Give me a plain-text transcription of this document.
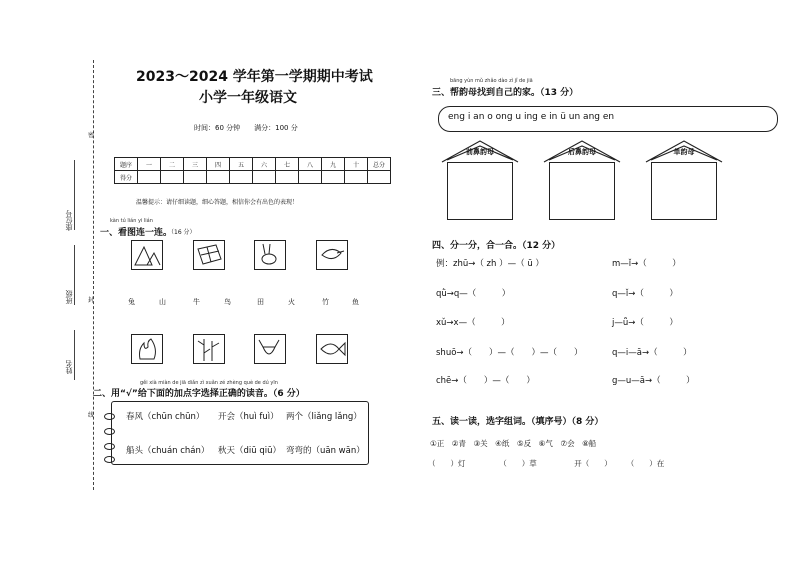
座位号
班级
姓名
密
封
线
2023～2024 学年第一学期期中考试
小学一年级语文
时间：60 分钟　　满分：100 分
题序	一	二	三	四	五	六	七	八	九	十	总分
得分											
温馨提示：请仔细读题，细心答题，相信你会有出色的表现！
kàn tú lián yi lián
一、看图连一连。
（16 分）
兔	山	牛	鸟	田	火	竹	鱼
gěi xià miàn de jiā diǎn zì xuǎn zé zhèng què de dú yīn
二、用“√”给下面的加点字选择正确的读音。（6 分）
春风（chūn chūn） 开会（huì fuì） 两个（liǎng lǎng）
船头（chuán chán） 秋天（diū qiū） 弯弯的（uān wān）
bāng yùn mǔ zhǎo dào zì jǐ de jiā
三、帮韵母找到自己的家。（13 分）
eng i an o ong u ing e in ü un ang en
前鼻韵母	后鼻韵母	单韵母
四、分一分，合一合。（12 分）
例：zhū→（ zh ）—（ ū ）
qǜ→q—（　　　）
xǔ→x—（　　　）
shuō→（　　）—（　　）—（　　）
chē→（　　）—（　　）
m—ǐ→（　　　）
q—ǐ→（　　　）
j—ǚ→（　　　）
q—i—ā→（　　　）
g—u—ā→（　　　）
五、读一读，选字组词。（填序号）（8 分）
①正　②青　③关　④纸　⑤反　⑥气　⑦会　⑧船
（　　）灯　　　　　（　　）草　　　　　开（　　）　　　（　　）在
